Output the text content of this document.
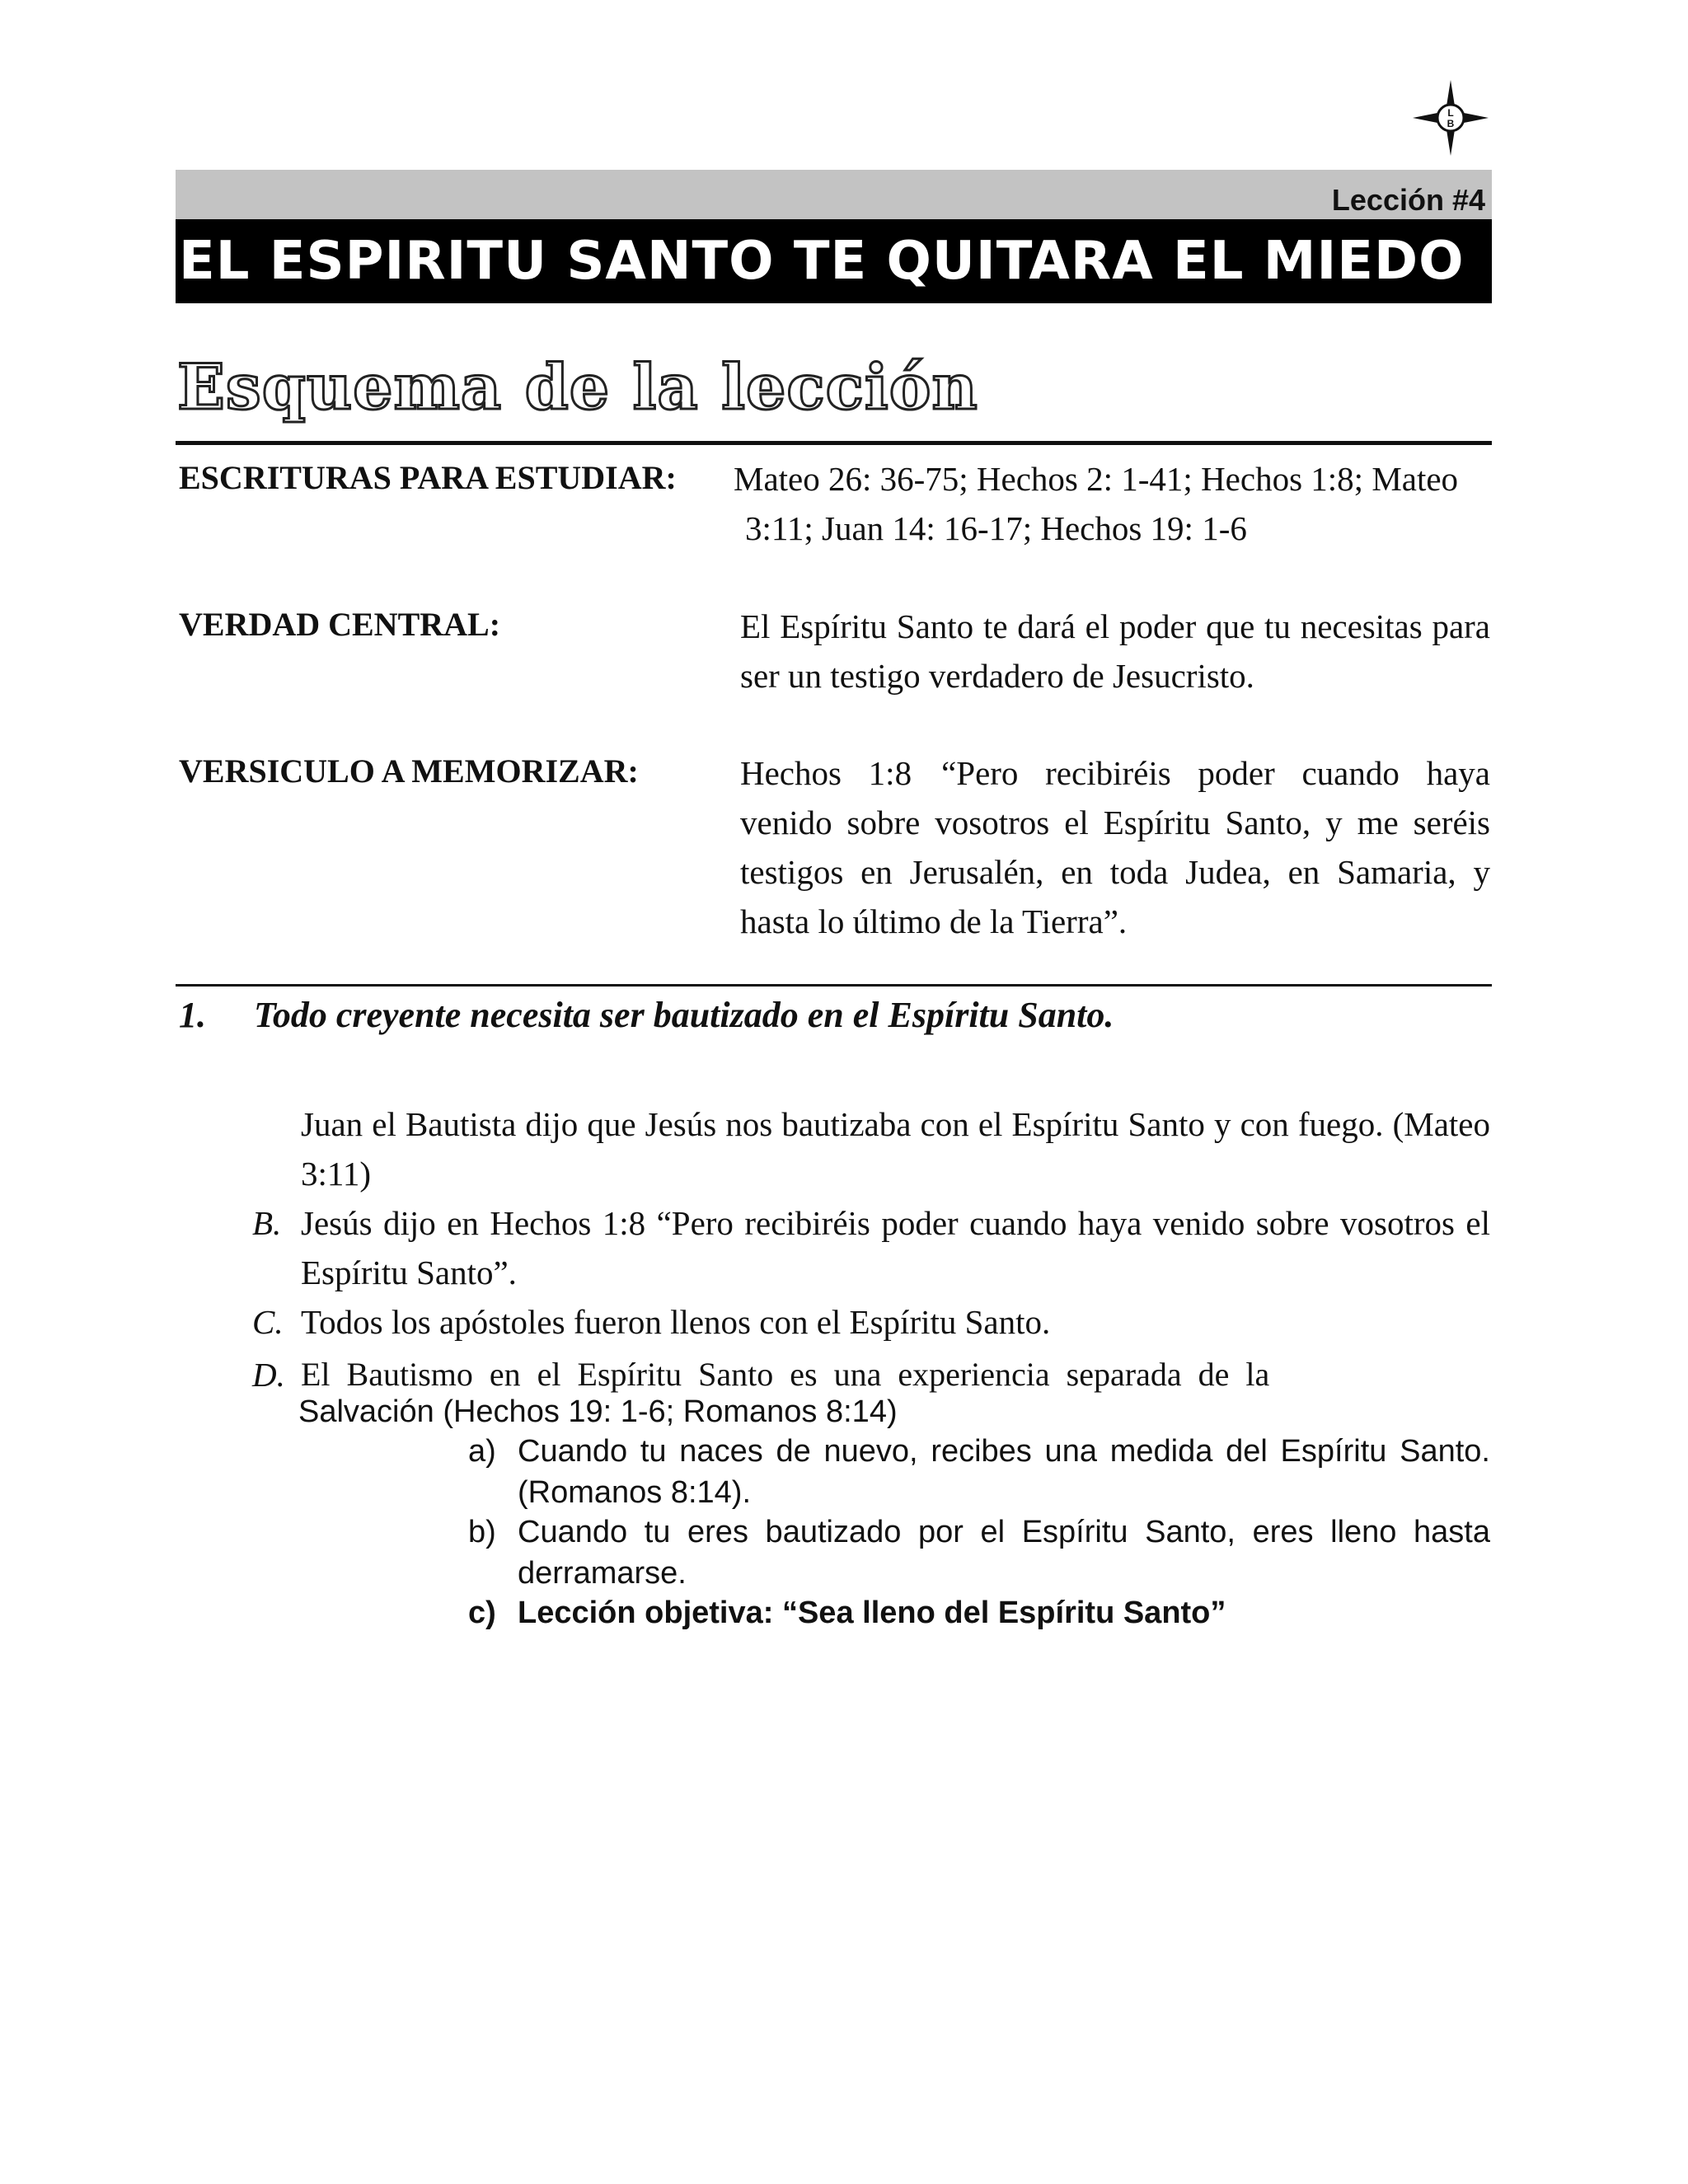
L
B
Lección #4
EL ESPIRITU SANTO TE QUITARA EL MIEDO
Esquema de la lección
ESCRITURAS PARA ESTUDIAR: Mateo 26: 36-75; Hechos 2: 1-41; Hechos 1:8; Mateo
3:11; Juan 14: 16-17; Hechos 19: 1-6
VERDAD CENTRAL:	El Espíritu Santo te dará el poder que tu necesitas para ser un testigo verdadero de Jesucristo.
VERSICULO A MEMORIZAR:	Hechos 1:8 “Pero recibiréis poder cuando haya venido sobre vosotros el Espíritu Santo, y me seréis testigos en Jerusalén, en toda Judea, en Samaria, y hasta lo último de la Tierra”.
1. Todo creyente necesita ser bautizado en el Espíritu Santo.
Juan el Bautista dijo que Jesús nos bautizaba con el Espíritu Santo y con fuego. (Mateo 3:11)
B. Jesús dijo en Hechos 1:8 “Pero recibiréis poder cuando haya venido sobre vosotros el Espíritu Santo”.
C. Todos los apóstoles fueron llenos con el Espíritu Santo.
D. El Bautismo en el Espíritu Santo es una experiencia separada de la
Salvación (Hechos 19: 1-6; Romanos 8:14)
a) Cuando tu naces de nuevo, recibes una medida del Espíritu Santo. (Romanos 8:14).
b) Cuando tu eres bautizado por el Espíritu Santo, eres lleno hasta derramarse.
c) Lección objetiva: “Sea lleno del Espíritu Santo”
